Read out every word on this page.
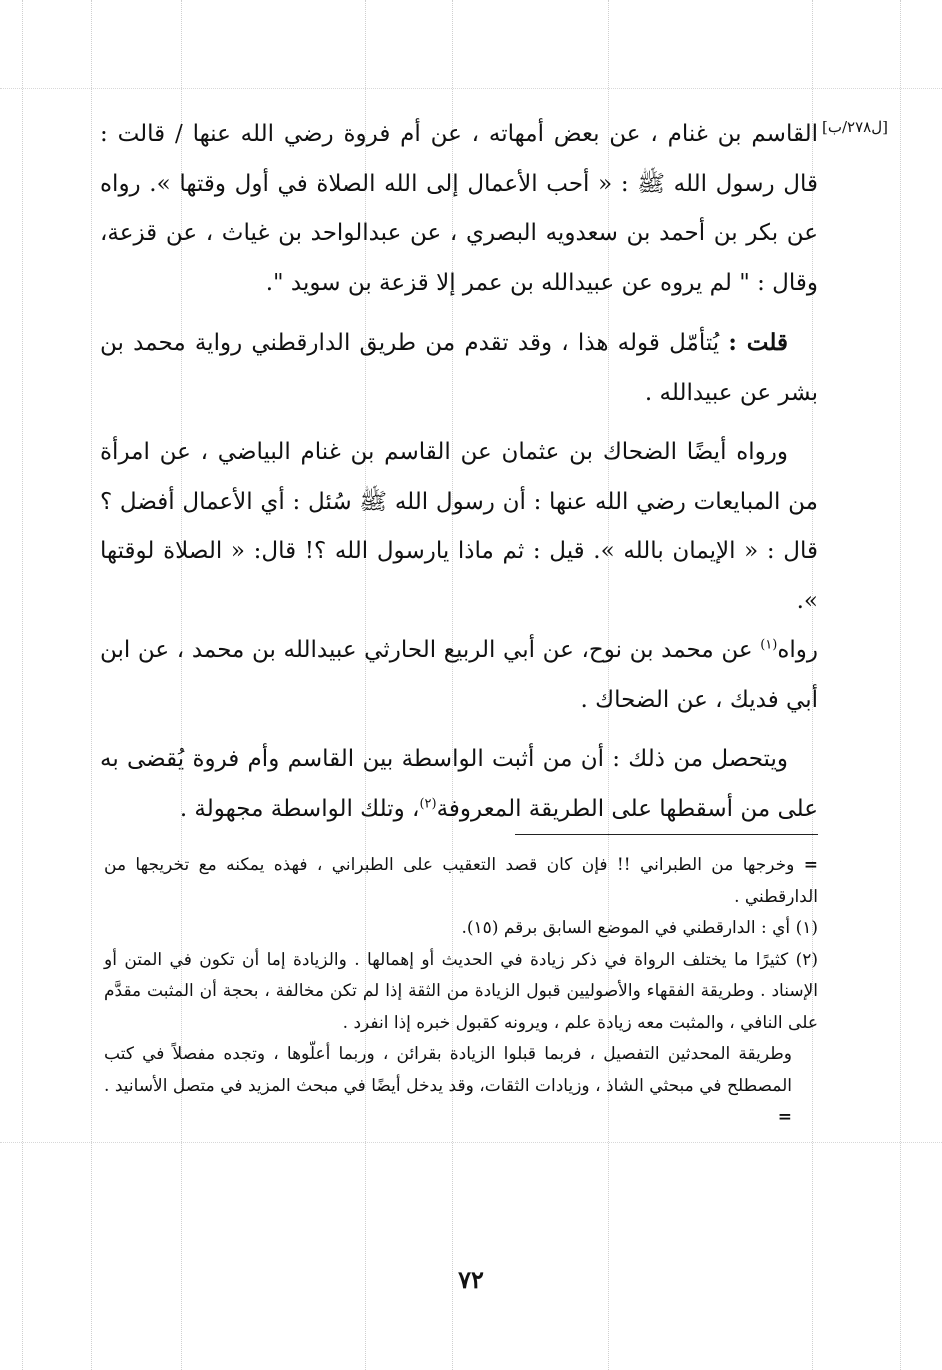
[ل٢٧٨/ب]

القاسم بن غنام ، عن بعض أمهاته ، عن أم فروة رضي الله عنها / قالت : قال رسول الله ﷺ : « أحب الأعمال إلى الله الصلاة في أول وقتها ». رواه عن بكر بن أحمد بن سعدويه البصري ، عن عبدالواحد بن غياث ، عن قزعة، وقال : " لم يروه عن عبيدالله بن عمر إلا قزعة بن سويد ".

قلت : يُتأمّل قوله هذا ، وقد تقدم من طريق الدارقطني رواية محمد بن بشر عن عبيدالله .

ورواه أيضًا الضحاك بن عثمان عن القاسم بن غنام البياضي ، عن امرأة من المبايعات رضي الله عنها : أن رسول الله ﷺ سُئل : أي الأعمال أفضل ؟ قال : « الإيمان بالله ». قيل : ثم ماذا يارسول الله ؟! قال: « الصلاة لوقتها ».

رواه$^{(١)}$ عن محمد بن نوح، عن أبي الربيع الحارثي عبيدالله بن محمد ، عن ابن أبي فديك ، عن الضحاك .

ويتحصل من ذلك : أن من أثبت الواسطة بين القاسم وأم فروة يُقضى به على من أسقطها على الطريقة المعروفة$^{(٢)}$، وتلك الواسطة مجهولة .

= وخرجها من الطبراني !! فإن كان قصد التعقيب على الطبراني ، فهذه يمكنه مع تخريجها من الدارقطني .

(١) أي : الدارقطني في الموضع السابق برقم (١٥).

(٢) كثيرًا ما يختلف الرواة في ذكر زيادة في الحديث أو إهمالها . والزيادة إما أن تكون في المتن أو الإسناد . وطريقة الفقهاء والأصوليين قبول الزيادة من الثقة إذا لم تكن مخالفة ، بحجة أن المثبت مقدَّم على النافي ، والمثبت معه زيادة علم ، ويرونه كقبول خبره إذا انفرد .

وطريقة المحدثين التفصيل ، فربما قبلوا الزيادة بقرائن ، وربما أعلّوها ، وتجده مفصلاً في كتب المصطلح في مبحثي الشاذ ، وزيادات الثقات، وقد يدخل أيضًا في مبحث المزيد في متصل الأسانيد . =

٧٢
